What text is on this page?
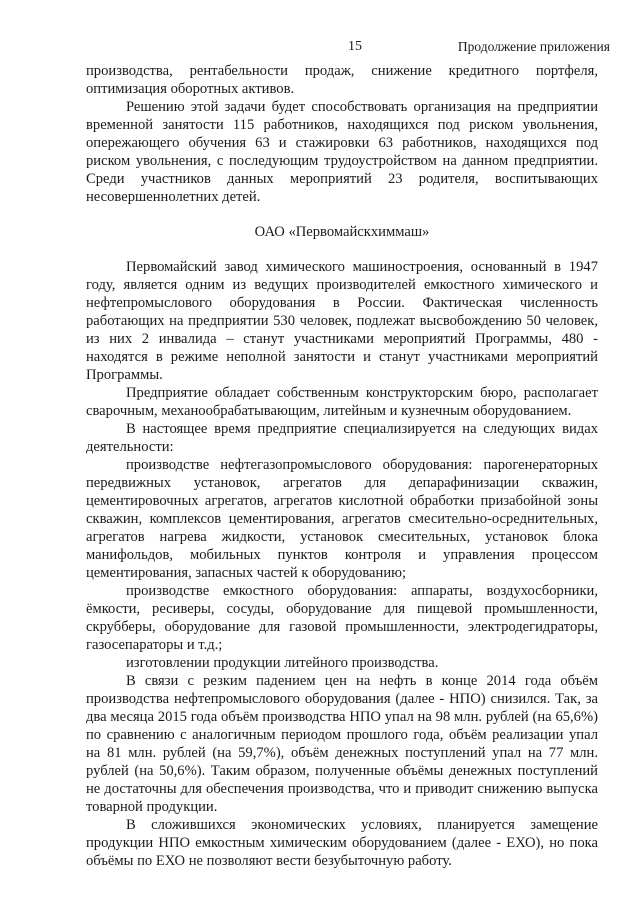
15	Продолжение приложения

производства, рентабельности продаж, снижение кредитного портфеля, оптимизация оборотных активов.

Решению этой задачи будет способствовать организация на предприятии временной занятости 115 работников, находящихся под риском увольнения, опережающего обучения 63 и стажировки 63 работников, находящихся под риском увольнения, с последующим трудоустройством на данном предприятии. Среди участников данных мероприятий 23 родителя, воспитывающих несовершеннолетних детей.

ОАО «Первомайскхиммаш»

Первомайский завод химического машиностроения, основанный в 1947 году, является одним из ведущих производителей емкостного химического и нефтепромыслового оборудования в России. Фактическая численность работающих на предприятии 530 человек, подлежат высвобождению 50 человек, из них 2 инвалида – станут участниками мероприятий Программы, 480 - находятся в режиме неполной занятости и станут участниками мероприятий Программы.

Предприятие обладает собственным конструкторским бюро, располагает сварочным, механообрабатывающим, литейным и кузнечным оборудованием.

В настоящее время предприятие специализируется на следующих видах деятельности:

производстве нефтегазопромыслового оборудования: парогенераторных передвижных установок, агрегатов для депарафинизации скважин, цементировочных агрегатов, агрегатов кислотной обработки призабойной зоны скважин, комплексов цементирования, агрегатов смесительно-осреднительных, агрегатов нагрева жидкости, установок смесительных, установок блока манифольдов, мобильных пунктов контроля и управления процессом цементирования, запасных частей к оборудованию;

производстве емкостного оборудования: аппараты, воздухосборники, ёмкости, ресиверы, сосуды, оборудование для пищевой промышленности, скрубберы, оборудование для газовой промышленности, электродегидраторы, газосепараторы и т.д.;

изготовлении продукции литейного производства.

В связи с резким падением цен на нефть в конце 2014 года объём производства нефтепромыслового оборудования (далее - НПО) снизился. Так, за два месяца 2015 года объём производства НПО упал на 98 млн. рублей (на 65,6%) по сравнению с аналогичным периодом прошлого года, объём реализации упал на 81 млн. рублей (на 59,7%), объём денежных поступлений упал на 77 млн. рублей (на 50,6%). Таким образом, полученные объёмы денежных поступлений не достаточны для обеспечения производства, что и приводит снижению выпуска товарной продукции.

В сложившихся экономических условиях, планируется замещение продукции НПО емкостным химическим оборудованием (далее - ЕХО), но пока объёмы по ЕХО не позволяют вести безубыточную работу.
